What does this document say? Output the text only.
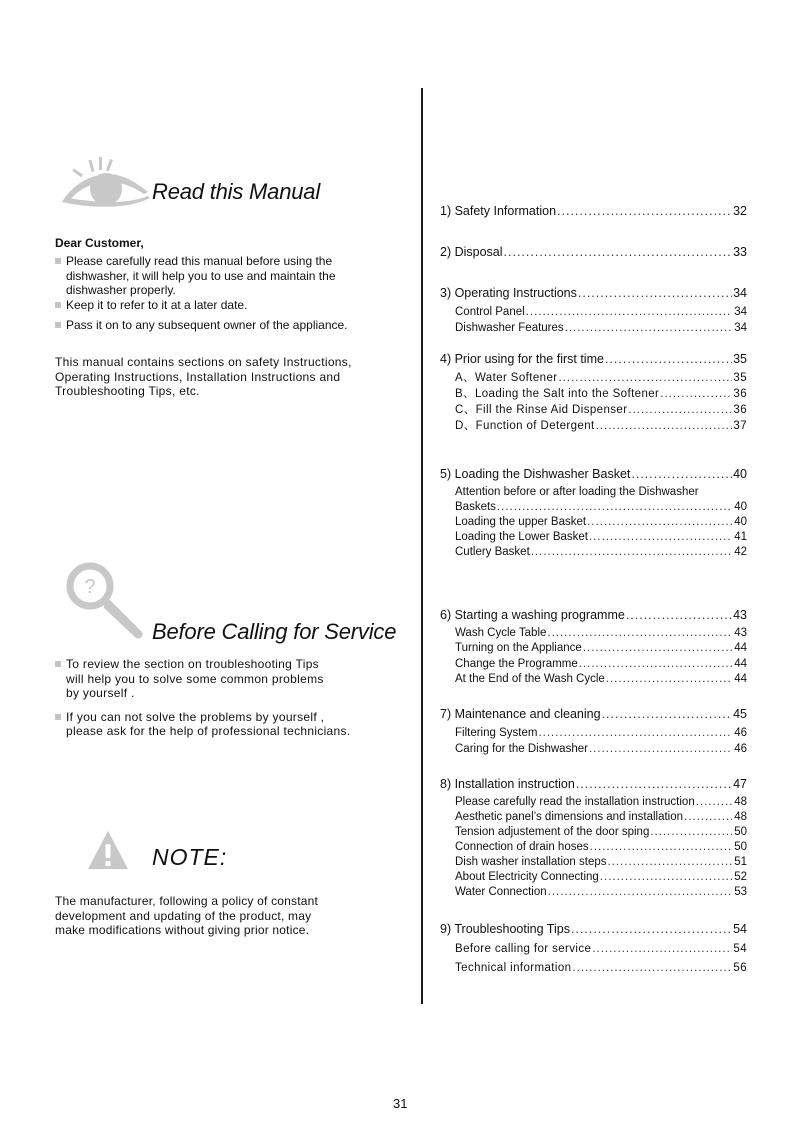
Read this Manual
Dear Customer,
Please carefully read this manual before using the
dishwasher, it will help you to use and maintain the
dishwasher properly.
Keep it to refer to it at a later date.
Pass it on to any subsequent owner of the appliance.
This manual contains sections on safety Instructions,
Operating Instructions, Installation Instructions and
Troubleshooting Tips, etc.
?
Before Calling for Service
To review the section on troubleshooting Tips
will help you to solve some common problems
by yourself .
If you can not solve the problems by yourself ,
please ask for the help of professional technicians.
NOTE:
The manufacturer, following a policy of constant
development and updating of the product, may
make modifications without giving prior notice.
1) Safety Information .....	32
2) Disposal .....	33
3) Operating Instructions .....	34
Control Panel .....	34
Dishwasher Features .....	34
4) Prior using for the first time .....	35
A、Water Softener .....	35
B、Loading the Salt into the Softener .....	36
C、Fill the Rinse Aid Dispenser .....	36
D、Function of Detergent .....	37
5) Loading the Dishwasher Basket .....	40
Attention before or after loading the Dishwasher
Baskets .....	40
Loading the upper Basket .....	40
Loading the Lower Basket .....	41
Cutlery Basket .....	42
6) Starting a washing programme .....	43
Wash Cycle Table .....	43
Turning on the Appliance .....	44
Change the Programme .....	44
At the End of the Wash Cycle .....	44
7) Maintenance and cleaning .....	45
Filtering System .....	46
Caring for the Dishwasher .....	46
8) Installation instruction .....	47
Please carefully read the installation instruction .....	48
Aesthetic panel’s dimensions and installation .....	48
Tension adjustement of the door sping .....	50
Connection of drain hoses .....	50
Dish washer installation steps .....	51
About Electricity Connecting .....	52
Water Connection .....	53
9) Troubleshooting Tips .....	54
Before calling for service .....	54
Technical information .....	56
31
